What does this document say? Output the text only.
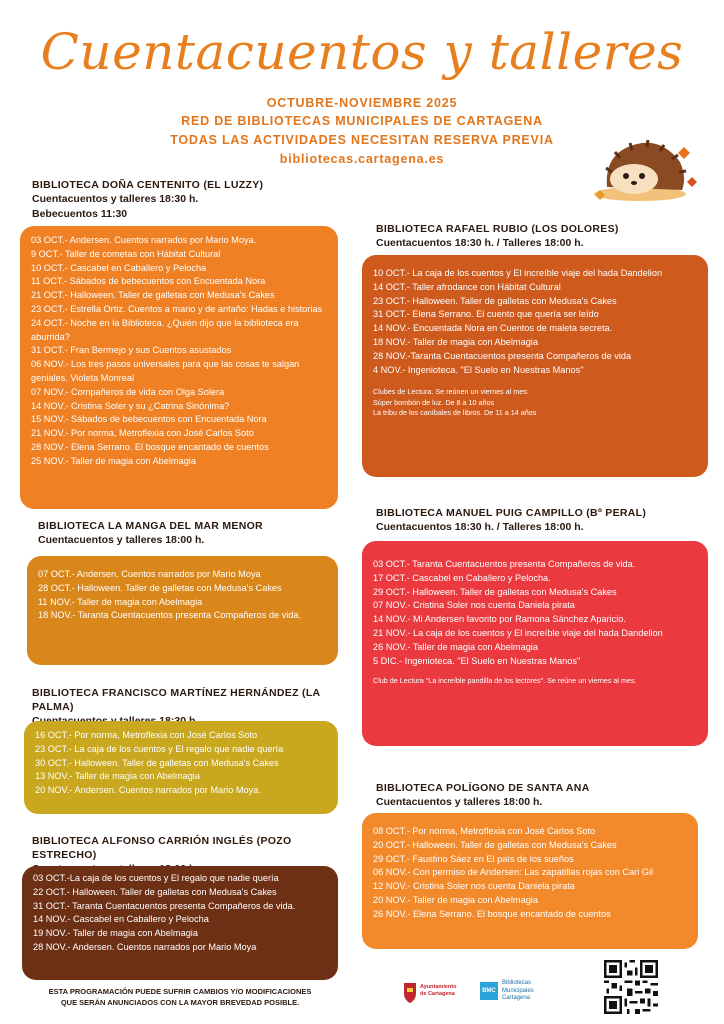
Cuentacuentos y talleres
OCTUBRE-NOVIEMBRE 2025
RED DE BIBLIOTECAS MUNICIPALES DE CARTAGENA
TODAS LAS ACTIVIDADES NECESITAN RESERVA PREVIA
bibliotecas.cartagena.es
BIBLIOTECA DOÑA CENTENITO (EL LUZZY)
Cuentacuentos y talleres 18:30 h.
Bebecuentos 11:30

03 OCT.- Andersen. Cuentos narrados por Mario Moya.

9 OCT.- Taller de cometas con Hábitat Cultural

10 OCT.- Cascabel en Caballero y Pelocha

11 OCT.- Sábados de bebecuentos con Encuentada Nora

21 OCT.- Halloween. Taller de galletas con Medusa's Cakes

23 OCT.- Estrella Ortiz. Cuentos a mano y de antaño: Hadas e historias

24 OCT.- Noche en la Biblioteca. ¿Quién dijo que la biblioteca era aburrida?

31 OCT.- Fran Bermejo y sus Cuentos asustados

06 NOV.- Los tres pasos universales para que las cosas te salgan geniales. Violeta Monreal

07 NOV.- Compañeros de vida con Olga Solera

14 NOV.- Cristina Soler y su ¿Catrina Sinónima?

15 NOV.- Sábados de bebecuentos con Encuentada Nora

21 NOV.- Por norma, Metroflexia con José Carlos Soto

28 NOV.- Elena Serrano. El bosque encantado de cuentos

25 NOV.- Taller de magia con Abelmagia

BIBLIOTECA LA MANGA DEL MAR MENOR
Cuentacuentos y talleres 18:00 h.

07 OCT.- Andersen. Cuentos narrados por Mario Moya

28 OCT.- Halloween. Taller de galletas con Medusa's Cakes

11 NOV.- Taller de magia con Abelmagia

18 NOV.- Taranta Cuentacuentos presenta Compañeros de vida.

BIBLIOTECA FRANCISCO MARTÍNEZ HERNÁNDEZ (LA PALMA)

16 OCT.- Por norma, Metroflexia con José Carlos Soto

23 OCT.- La caja de los cuentos y El regalo que nadie quería

30 OCT.- Halloween. Taller de galletas con Medusa's Cakes

13 NOV.- Taller de magia con Abelmagia

20 NOV.- Andersen. Cuentos narrados por Mario Moya.

BIBLIOTECA ALFONSO CARRIÓN INGLÉS (POZO ESTRECHO)

03 OCT.-La caja de los cuentos y El regalo que nadie quería

22 OCT.- Halloween. Taller de galletas con Medusa's Cakes

31 OCT.- Taranta Cuentacuentos presenta Compañeros de vida.

14 NOV.- Cascabel en Caballero y Pelocha

19 NOV.- Taller de magia con Abelmagia

28 NOV.- Andersen. Cuentos narrados por Mario Moya

BIBLIOTECA RAFAEL RUBIO (LOS DOLORES)
Cuentacuentos 18:30 h. / Talleres 18:00 h.

10 OCT.- La caja de los cuentos y El increíble viaje del hada Dandelion

14 OCT.- Taller afrodance con Hábitat Cultural

23 OCT.- Halloween. Taller de galletas con Medusa's Cakes

31 OCT.- Elena Serrano. El cuento que quería ser leído

14 NOV.- Encuentada Nora en Cuentos de maleta secreta.

18 NOV.- Taller de magia con Abelmagia

28 NOV.-Taranta Cuentacuentos presenta Compañeros de vida

4 NOV.- Ingenioteca. "El Suelo en Nuestras Manos"

Clubes de Lectura. Se reúnen un viernes al mes:

Súper bombón de luz. De 8 a 10 años

La tribu de los caníbales de libros. De 11 a 14 años

BIBLIOTECA MANUEL PUIG CAMPILLO (Bº PERAL)
Cuentacuentos 18:30 h. / Talleres 18:00 h.

03 OCT.- Taranta Cuentacuentos presenta Compañeros de vida.

17 OCT.- Cascabel en Caballero y Pelocha.

29 OCT.- Halloween. Taller de galletas con Medusa's Cakes

07 NOV.- Cristina Soler nos cuenta Daniela pirata

14 NOV.- Mi Andersen favorito por Ramona Sánchez Aparicio.

21 NOV.- La caja de los cuentos y El increíble viaje del hada Dandelion

26 NOV.- Taller de magia con Abelmagia

5 DIC.- Ingenioteca. "El Suelo en Nuestras Manos"

Club de Lectura "La increíble pandilla de los lectores". Se reúne un viernes al mes.

BIBLIOTECA POLÍGONO DE SANTA ANA
Cuentacuentos y talleres 18:00 h.

08 OCT.- Por norma, Metroflexia con José Carlos Soto

20 OCT.- Halloween. Taller de galletas con Medusa's Cakes

29 OCT.- Faustino Sáez en El país de los sueños

06 NOV.- Con permiso de Andersen: Las zapatillas rojas con Cari Gil

12 NOV.- Cristina Soler nos cuenta Daniela pirata

20 NOV.- Taller de magia con Abelmagia

26 NOV.- Elena Serrano. El bosque encantado de cuentos

ESTA PROGRAMACIÓN PUEDE SUFRIR CAMBIOS Y/O MODIFICACIONES
QUE SERÁN ANUNCIADOS CON LA MAYOR BREVEDAD POSIBLE.
Ayuntamiento de Cartagena	BMC
Bibliotecas
Municipales
Cartagena
